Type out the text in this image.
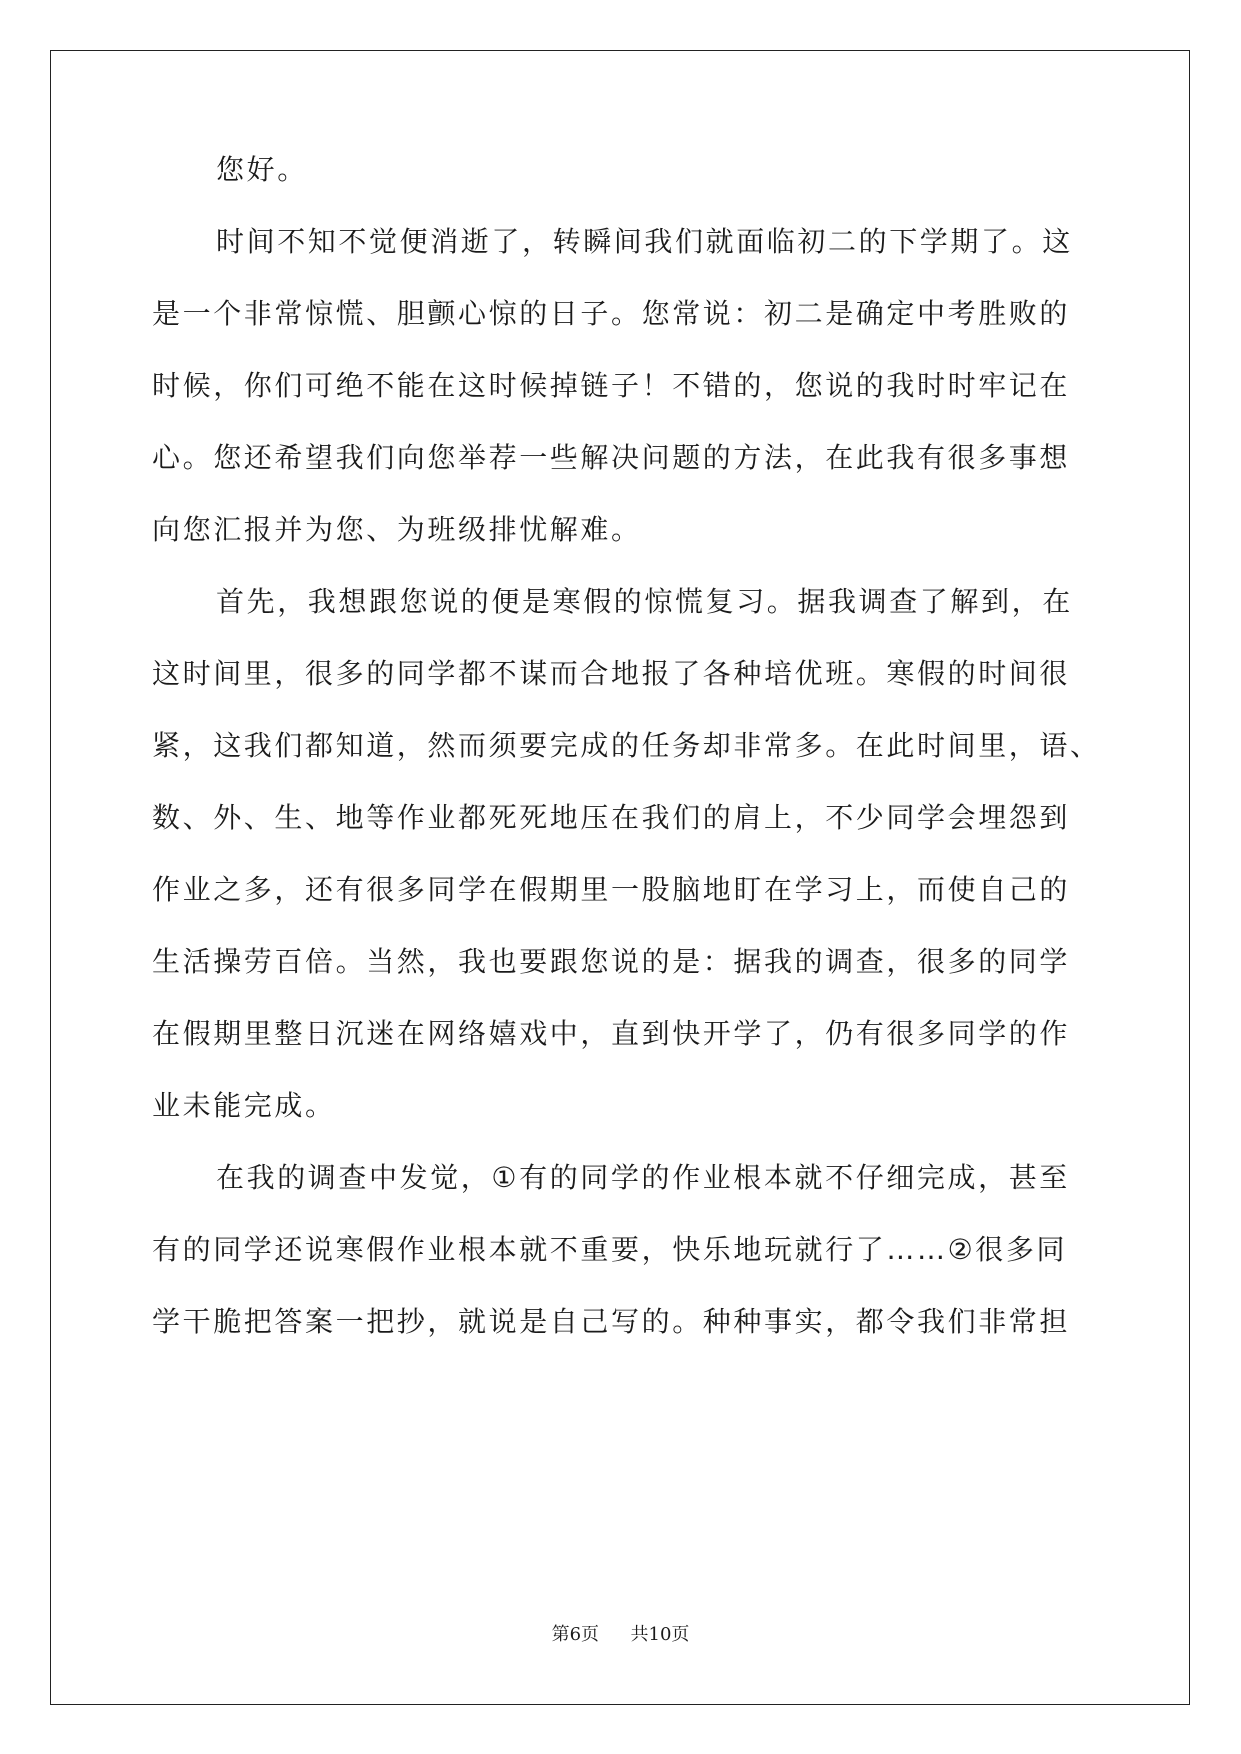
您好。
时间不知不觉便消逝了，转瞬间我们就面临初二的下学期了。这
是一个非常惊慌、胆颤心惊的日子。您常说：初二是确定中考胜败的
时候，你们可绝不能在这时候掉链子！不错的，您说的我时时牢记在
心。您还希望我们向您举荐一些解决问题的方法，在此我有很多事想
向您汇报并为您、为班级排忧解难。
首先，我想跟您说的便是寒假的惊慌复习。据我调查了解到，在
这时间里，很多的同学都不谋而合地报了各种培优班。寒假的时间很
紧，这我们都知道，然而须要完成的任务却非常多。在此时间里，语、
数、外、生、地等作业都死死地压在我们的肩上，不少同学会埋怨到
作业之多，还有很多同学在假期里一股脑地盯在学习上，而使自己的
生活操劳百倍。当然，我也要跟您说的是：据我的调查，很多的同学
在假期里整日沉迷在网络嬉戏中，直到快开学了，仍有很多同学的作
业未能完成。
在我的调查中发觉，①有的同学的作业根本就不仔细完成，甚至
有的同学还说寒假作业根本就不重要，快乐地玩就行了……②很多同
学干脆把答案一把抄，就说是自己写的。种种事实，都令我们非常担
第6页 共10页
